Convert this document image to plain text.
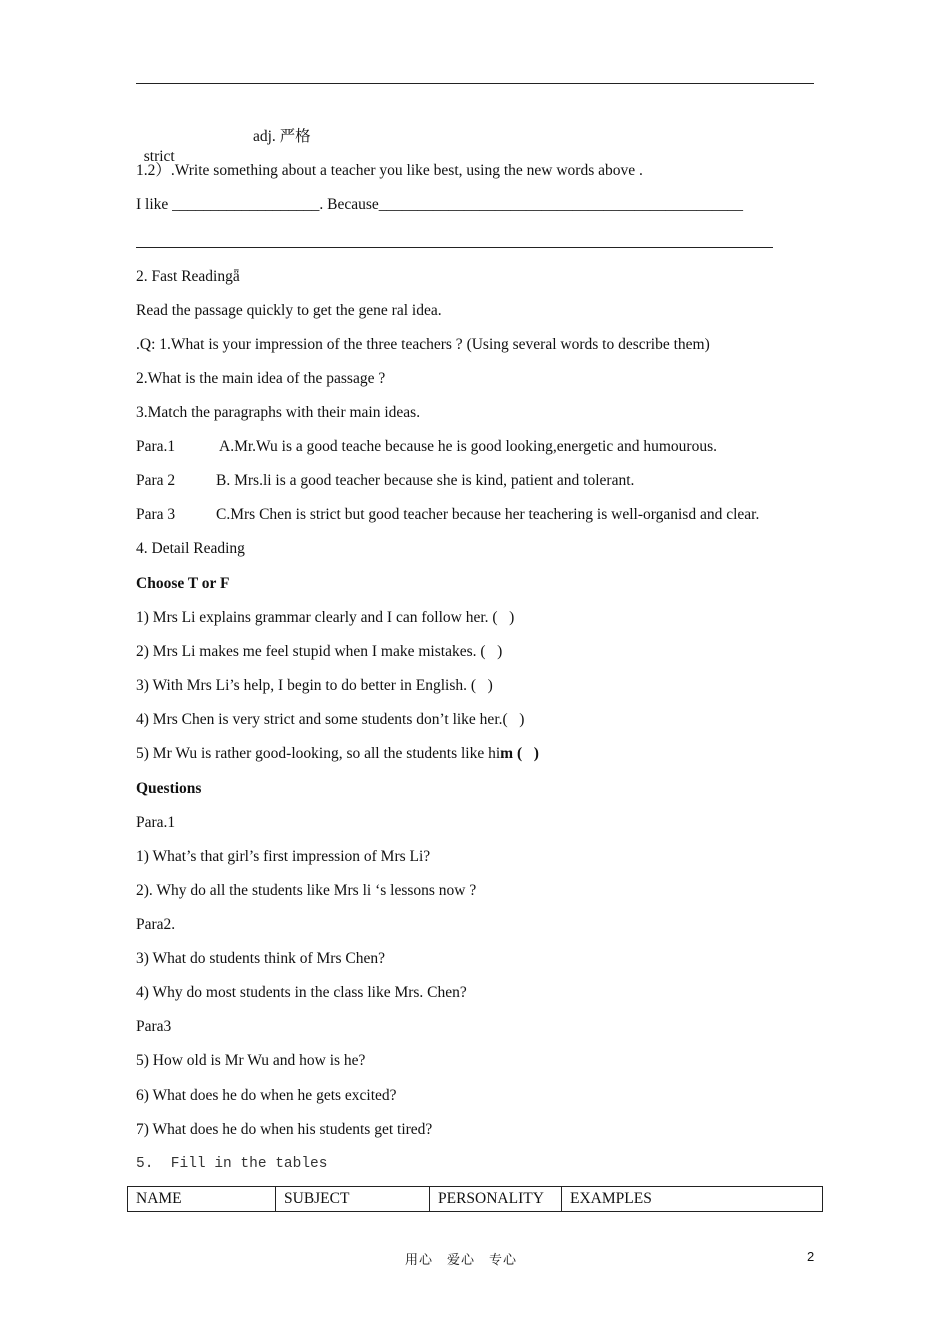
strict

adj. 严格
1.2）.Write something about a teacher you like best, using the new words above .
I like ___________________. Because_______________________________________________
2. Fast Readingǟ
Read the passage quickly to get the gene ral idea.
.Q: 1.What is your impression of the three teachers ? (Using several words to describe them)
2.What is the main idea of the passage ?
3.Match the paragraphs with their main ideas.
Para.1	A.Mr.Wu is a good teache because he is good looking,energetic and humourous.
Para 2	B. Mrs.li is a good teacher because she is kind, patient and tolerant.
Para 3	C.Mrs Chen is strict but good teacher because her teachering is well-organisd and clear.
4. Detail Reading
Choose T or F
1) Mrs Li explains grammar clearly and I can follow her. (   )
2) Mrs Li makes me feel stupid when I make mistakes. (   )
3) With Mrs Li’s help, I begin to do better in English. (   )
4) Mrs Chen is very strict and some students don’t like her.(   )
5) Mr Wu is rather good-looking, so all the students like him (   )
Questions
Para.1
1) What’s that girl’s first impression of Mrs Li?
2). Why do all the students like Mrs li ‘s lessons now ?
Para2.
3) What do students think of Mrs Chen?
4) Why do most students in the class like Mrs. Chen?
Para3
5) How old is Mr Wu and how is he?
6) What does he do when he gets excited?
7) What does he do when his students get tired?
5.  Fill in the tables
NAME	SUBJECT	PERSONALITY	EXAMPLES
用心　爱心　专心	2
